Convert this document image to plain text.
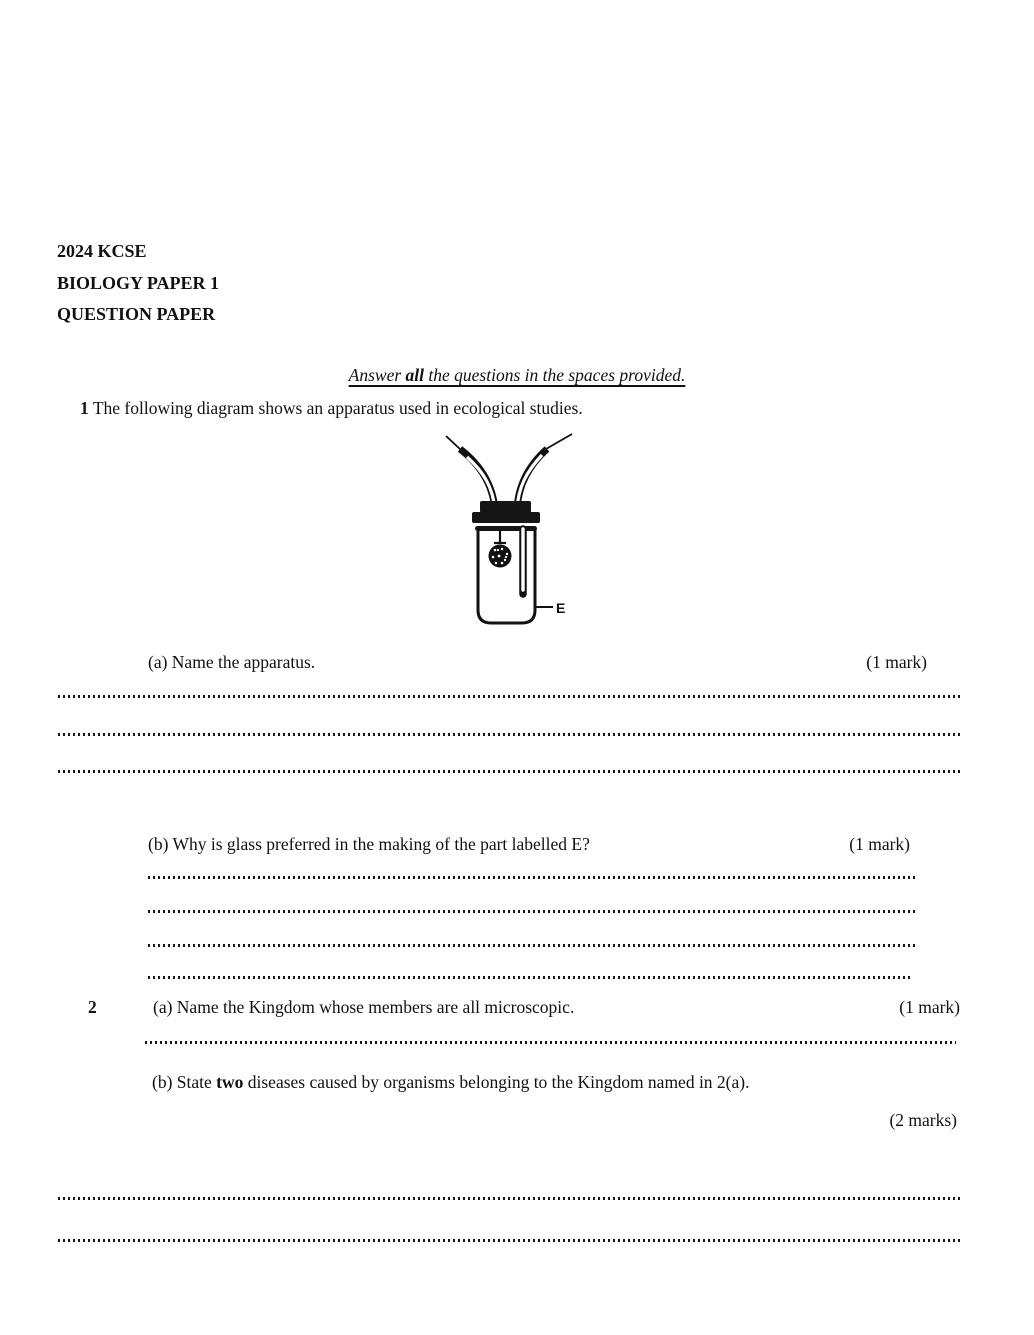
2024 KCSE
BIOLOGY PAPER 1
QUESTION PAPER
Answer all the questions in the spaces provided.
1 The following diagram shows an apparatus used in ecological studies.
E
(a) Name the apparatus.	(1 mark)
(b) Why is glass preferred in the making of the part labelled E?	(1 mark)
2	(a) Name the Kingdom whose members are all microscopic.	(1 mark)
(b) State two diseases caused by organisms belonging to the Kingdom named in 2(a).
(2 marks)
